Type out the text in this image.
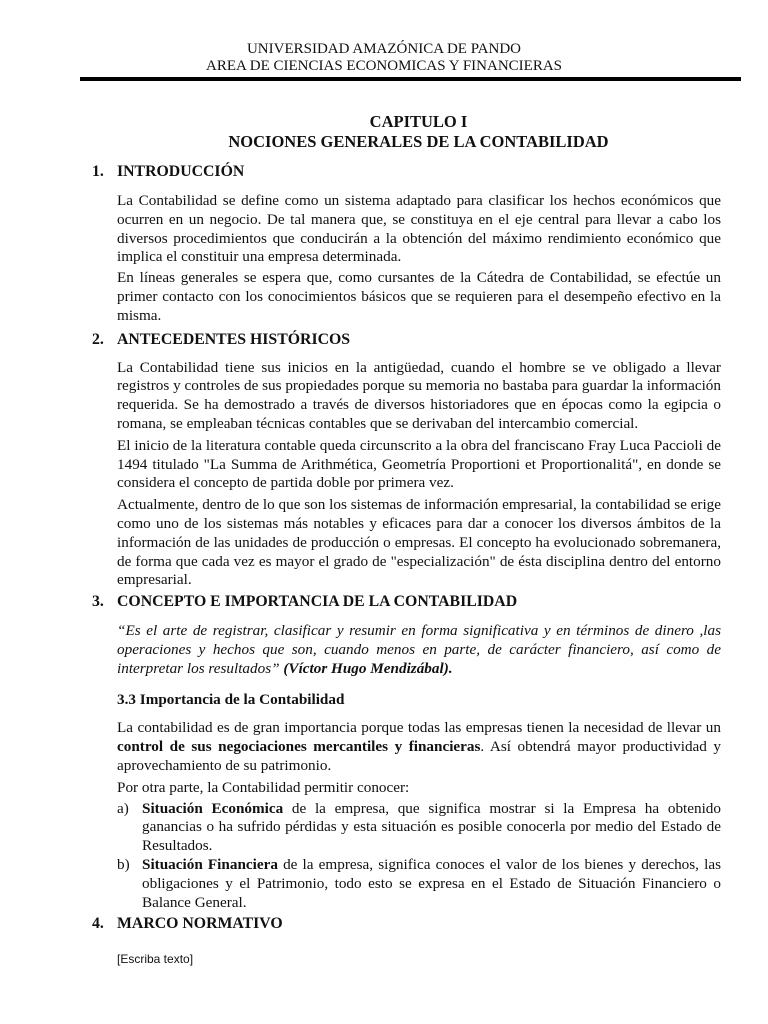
UNIVERSIDAD AMAZÓNICA DE PANDO
AREA DE CIENCIAS ECONOMICAS Y FINANCIERAS
CAPITULO I
NOCIONES GENERALES DE LA CONTABILIDAD
1. INTRODUCCIÓN

La Contabilidad se define como un sistema adaptado para clasificar los hechos económicos que ocurren en un negocio. De tal manera que, se constituya en el eje central para llevar a cabo los diversos procedimientos que conducirán a la obtención del máximo rendimiento económico que implica el constituir una empresa determinada.

En líneas generales se espera que, como cursantes de la Cátedra de Contabilidad, se efectúe un primer contacto con los conocimientos básicos que se requieren para el desempeño efectivo en la misma.

2. ANTECEDENTES HISTÓRICOS

La Contabilidad tiene sus inicios en la antigüedad, cuando el hombre se ve obligado a llevar registros y controles de sus propiedades porque su memoria no bastaba para guardar la información requerida. Se ha demostrado a través de diversos historiadores que en épocas como la egipcia o romana, se empleaban técnicas contables que se derivaban del intercambio comercial.

El inicio de la literatura contable queda circunscrito a la obra del franciscano Fray Luca Paccioli de 1494 titulado "La Summa de Arithmética, Geometría Proportioni et Proportionalitá", en donde se considera el concepto de partida doble por primera vez.

Actualmente, dentro de lo que son los sistemas de información empresarial, la contabilidad se erige como uno de los sistemas más notables y eficaces para dar a conocer los diversos ámbitos de la información de las unidades de producción o empresas. El concepto ha evolucionado sobremanera, de forma que cada vez es mayor el grado de "especialización" de ésta disciplina dentro del entorno empresarial.

3. CONCEPTO E IMPORTANCIA DE LA CONTABILIDAD

“Es el arte de registrar, clasificar y resumir en forma significativa y en términos de dinero ,las operaciones y hechos que son, cuando menos en parte, de carácter financiero, así como de interpretar los resultados” (Víctor Hugo Mendizábal).

3.3 Importancia de la Contabilidad

La contabilidad es de gran importancia porque todas las empresas tienen la necesidad de llevar un control de sus negociaciones mercantiles y financieras. Así obtendrá mayor productividad y aprovechamiento de su patrimonio.

Por otra parte, la Contabilidad permitir conocer:

a) Situación Económica de la empresa, que significa mostrar si la Empresa ha obtenido ganancias o ha sufrido pérdidas y esta situación es posible conocerla por medio del Estado de Resultados.
b) Situación Financiera de la empresa, significa conoces el valor de los bienes y derechos, las obligaciones y el Patrimonio, todo esto se expresa en el Estado de Situación Financiero o Balance General.
4. MARCO NORMATIVO
[Escriba texto]
